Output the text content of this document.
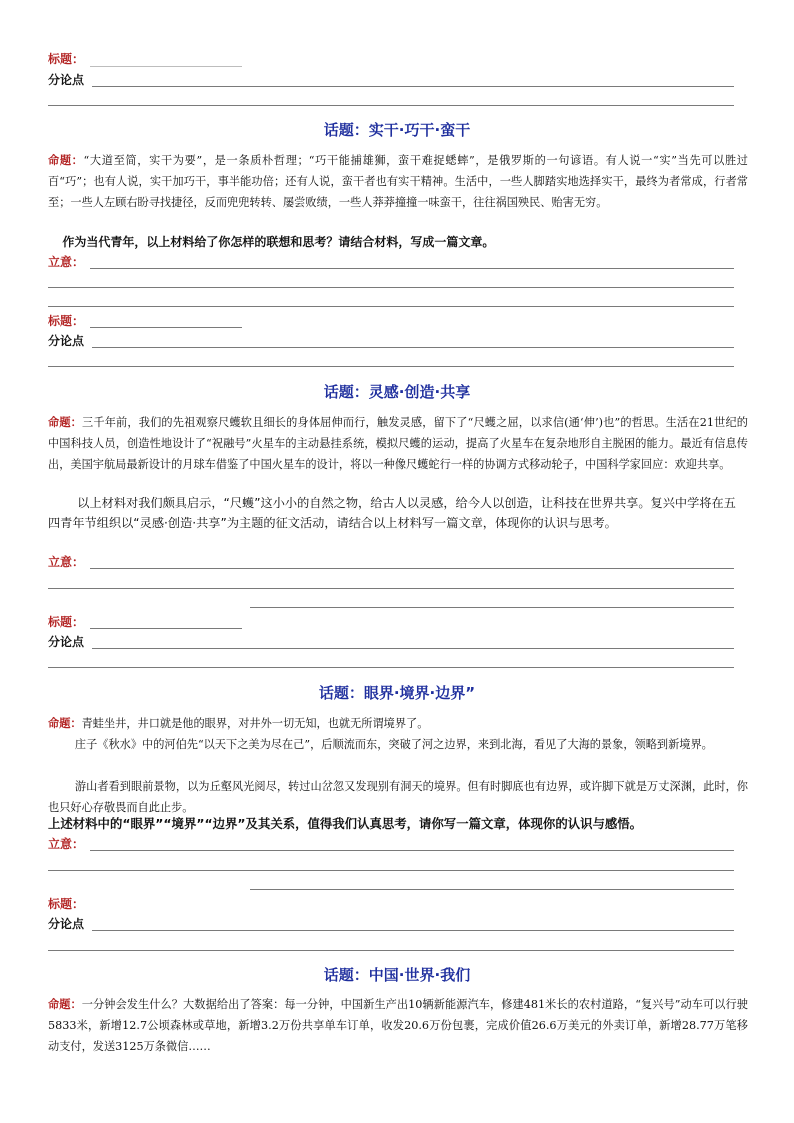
标题：
分论点
话题：实干·巧干·蛮干

命题：“大道至简，实干为要”，是一条质朴哲理；“巧干能捕雄狮，蛮干难捉蟋蟀”，是俄罗斯的一句谚语。有人说一“实”当先可以胜过百“巧”；也有人说，实干加巧干，事半能功倍；还有人说，蛮干者也有实干精神。生活中，一些人脚踏实地选择实干，最终为者常成，行者常至；一些人左顾右盼寻找捷径，反而兜兜转转、屡尝败绩，一些人莽莽撞撞一味蛮干，往往祸国殃民、贻害无穷。

作为当代青年，以上材料给了你怎样的联想和思考？请结合材料，写成一篇文章。

立意：
标题：
分论点
话题：灵感·创造·共享

命题：三千年前，我们的先祖观察尺蠖软且细长的身体屈伸而行，触发灵感，留下了“尺蠖之屈，以求信(通‘伸’)也”的哲思。生活在21世纪的中国科技人员，创造性地设计了“祝融号”火星车的主动悬挂系统，模拟尺蠖的运动，提高了火星车在复杂地形自主脱困的能力。最近有信息传出，美国宇航局最新设计的月球车借鉴了中国火星车的设计，将以一种像尺蠖蛇行一样的协调方式移动轮子，中国科学家回应：欢迎共享。

以上材料对我们颇具启示，“尺蠖”这小小的自然之物，给古人以灵感，给今人以创造，让科技在世界共享。复兴中学将在五四青年节组织以“灵感·创造·共享”为主题的征文活动，请结合以上材料写一篇文章，体现你的认识与思考。

立意：
标题：
分论点
话题：眼界·境界·边界”

命题：青蛙坐井，井口就是他的眼界，对井外一切无知，也就无所谓境界了。

庄子《秋水》中的河伯先“以天下之美为尽在己”，后顺流而东，突破了河之边界，来到北海，看见了大海的景象，领略到新境界。

游山者看到眼前景物，以为丘壑风光阅尽，转过山岔忽又发现别有洞天的境界。但有时脚底也有边界，或许脚下就是万丈深渊，此时，你也只好心存敬畏而自此止步。

上述材料中的“眼界”“境界”“边界”及其关系，值得我们认真思考，请你写一篇文章，体现你的认识与感悟。

立意：
标题：
分论点
话题：中国·世界·我们

命题：一分钟会发生什么？大数据给出了答案：每一分钟，中国新生产出10辆新能源汽车，修建481米长的农村道路，“复兴号”动车可以行驶5833米，新增12.7公顷森林或草地，新增3.2万份共享单车订单，收发20.6万份包裹，完成价值26.6万美元的外卖订单，新增28.77万笔移动支付，发送3125万条微信……
